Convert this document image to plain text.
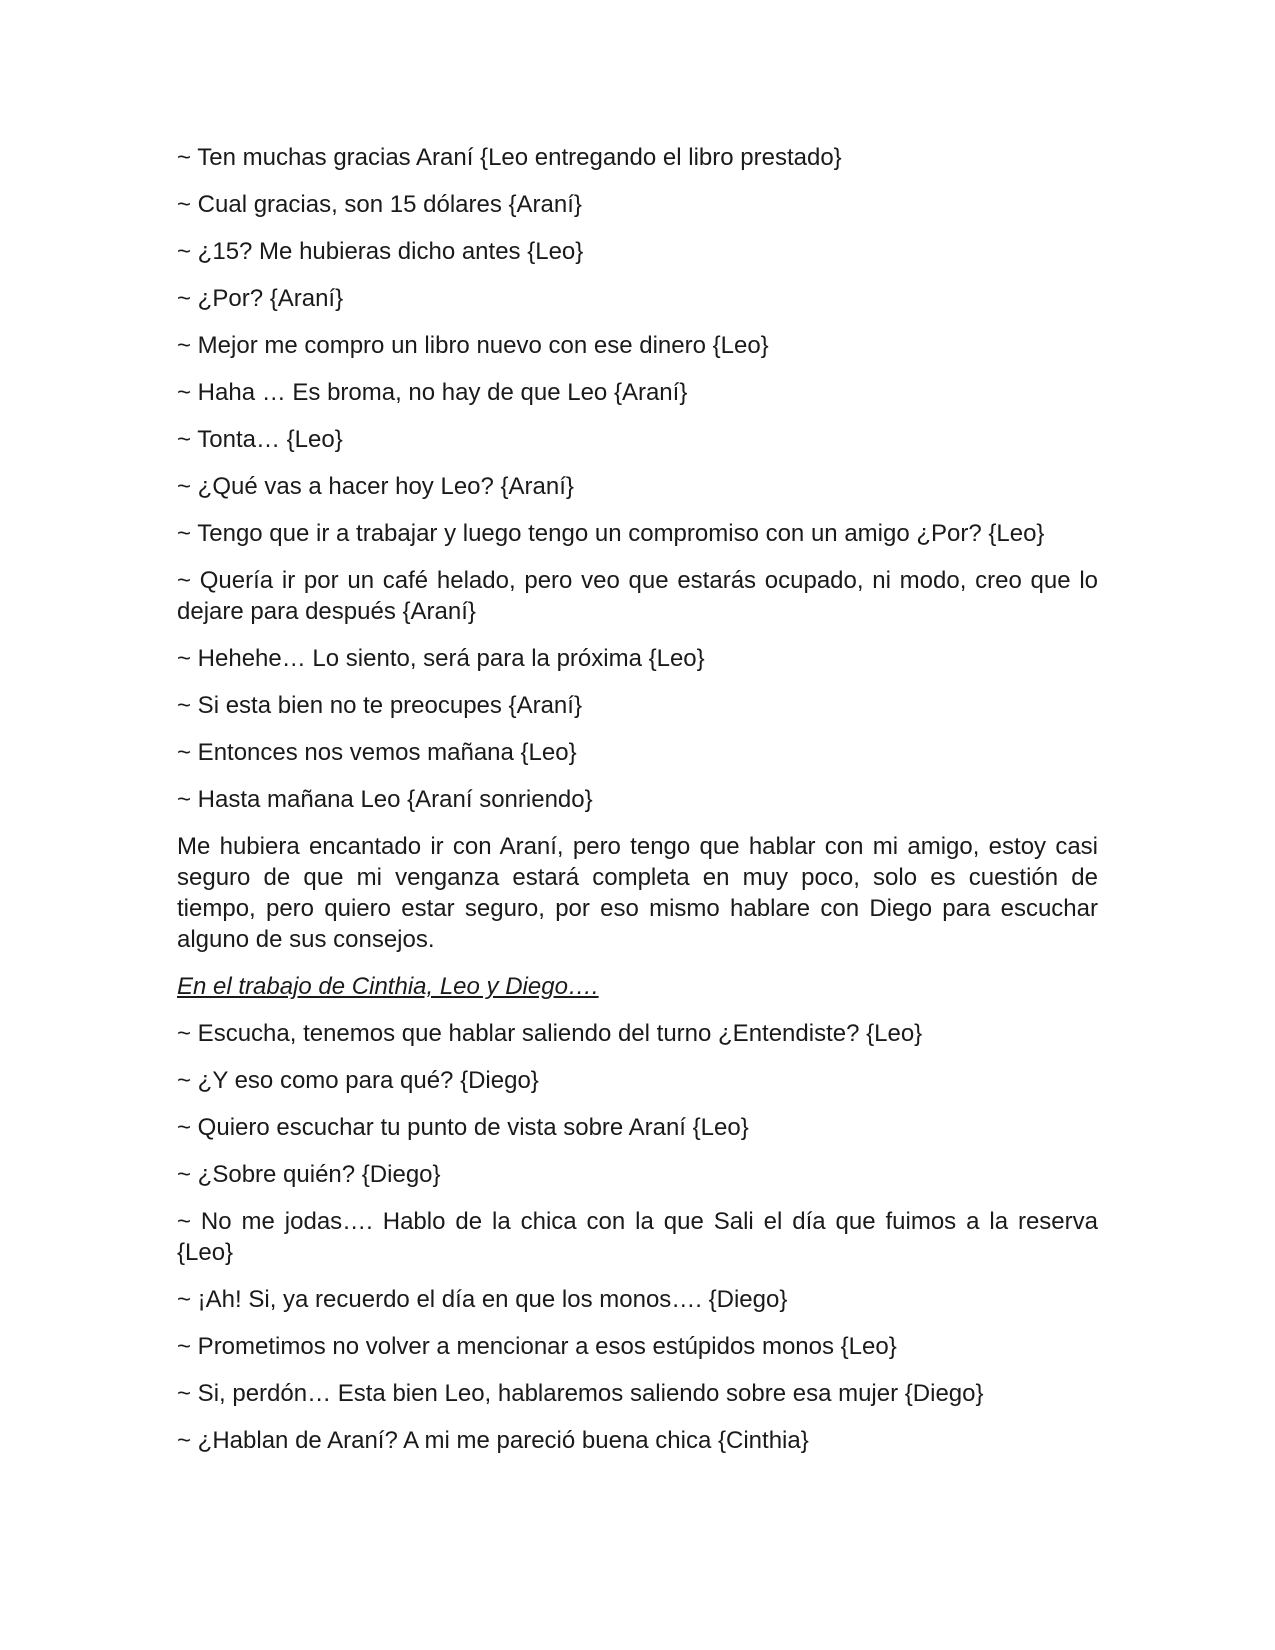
~ Ten muchas gracias Araní {Leo entregando el libro prestado}

~ Cual gracias, son 15 dólares {Araní}

~ ¿15? Me hubieras dicho antes {Leo}

~ ¿Por? {Araní}

~ Mejor me compro un libro nuevo con ese dinero {Leo}

~ Haha … Es broma, no hay de que Leo {Araní}

~ Tonta… {Leo}

~ ¿Qué vas a hacer hoy Leo? {Araní}

~ Tengo que ir a trabajar y luego tengo un compromiso con un amigo ¿Por? {Leo}

~ Quería ir por un café helado, pero veo que estarás ocupado, ni modo, creo que lo dejare para después {Araní}

~ Hehehe… Lo siento, será para la próxima {Leo}

~ Si esta bien no te preocupes {Araní}

~ Entonces nos vemos mañana {Leo}

~ Hasta mañana Leo {Araní sonriendo}

Me hubiera encantado ir con Araní, pero tengo que hablar con mi amigo, estoy casi seguro de que mi venganza estará completa en muy poco, solo es cuestión de tiempo, pero quiero estar seguro, por eso mismo hablare con Diego para escuchar alguno de sus consejos.

En el trabajo de Cinthia, Leo y Diego….

~ Escucha, tenemos que hablar saliendo del turno ¿Entendiste? {Leo}

~ ¿Y eso como para qué? {Diego}

~ Quiero escuchar tu punto de vista sobre Araní {Leo}

~ ¿Sobre quién? {Diego}

~ No me jodas…. Hablo de la chica con la que Sali el día que fuimos a la reserva {Leo}

~ ¡Ah! Si, ya recuerdo el día en que los monos…. {Diego}

~ Prometimos no volver a mencionar a esos estúpidos monos {Leo}

~ Si, perdón… Esta bien Leo, hablaremos saliendo sobre esa mujer {Diego}

~ ¿Hablan de Araní? A mi me pareció buena chica {Cinthia}
